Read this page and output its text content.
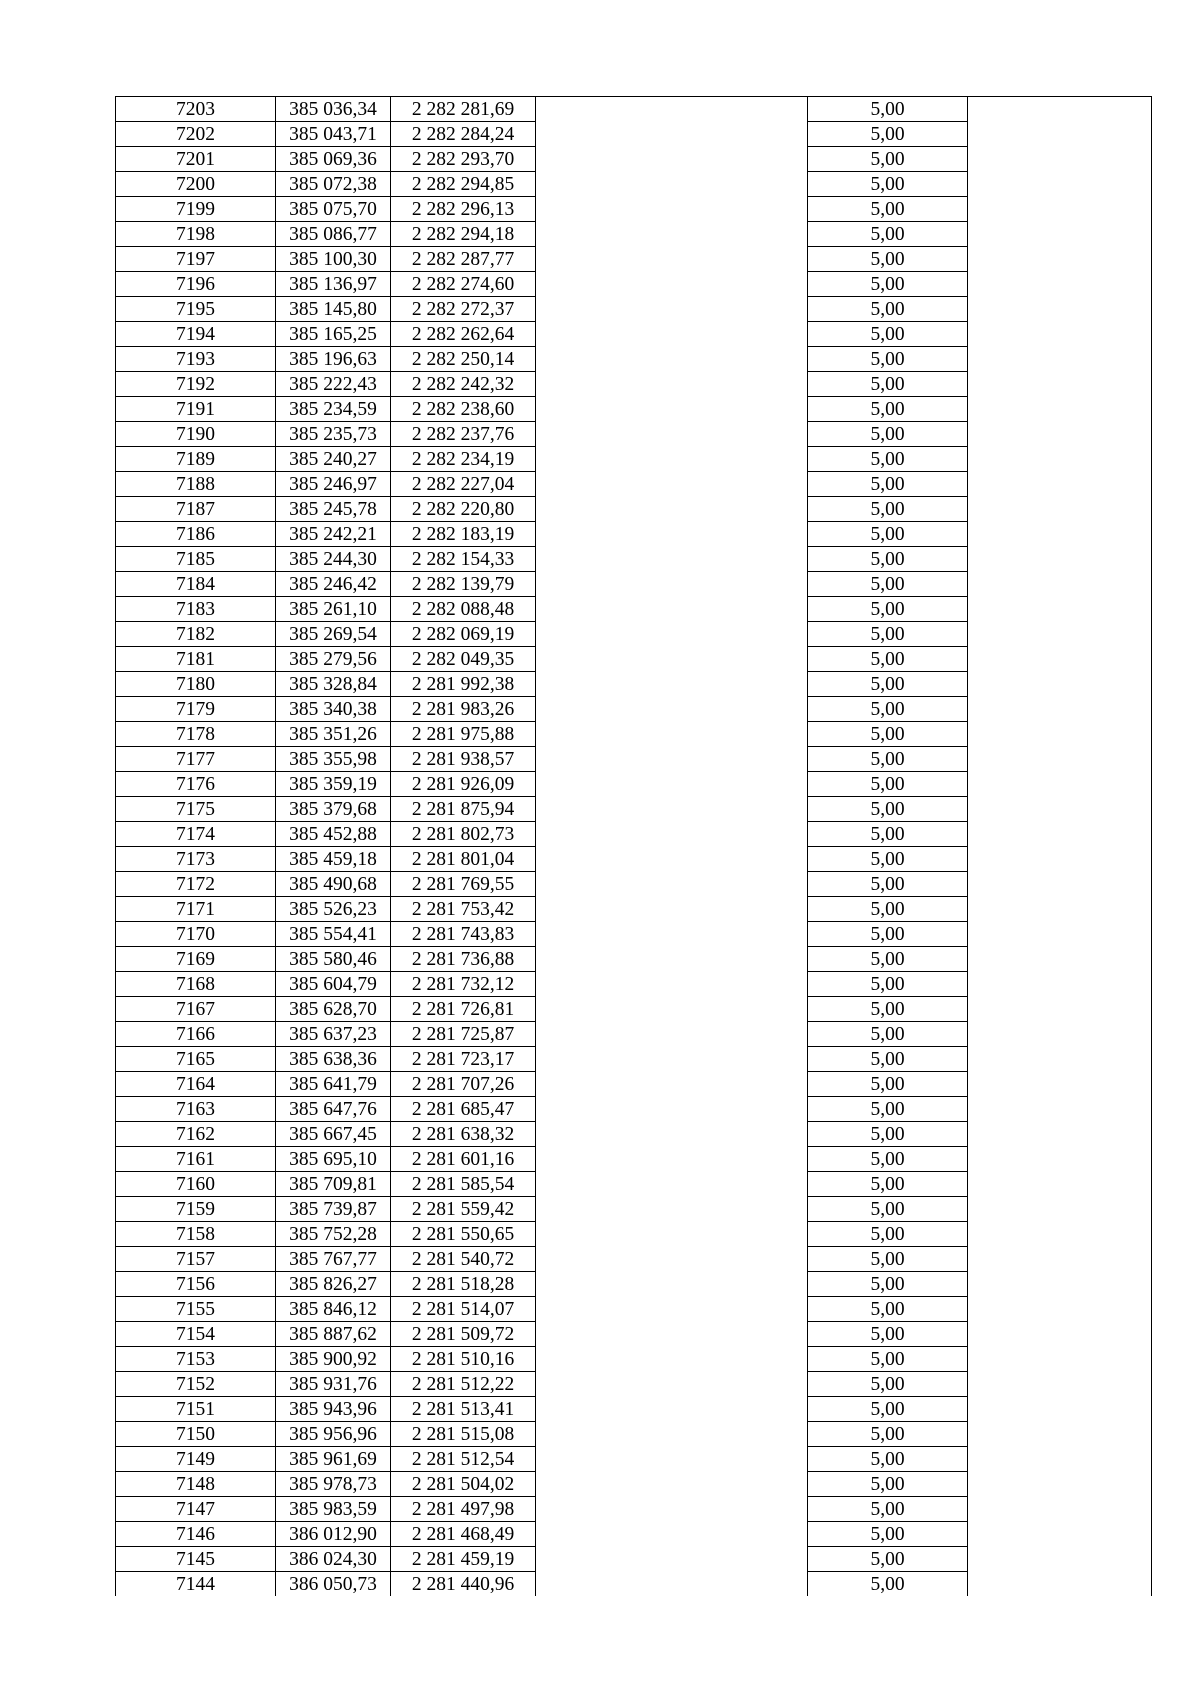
7203	385 036,34	2 282 281,69		5,00	
7202	385 043,71	2 282 284,24		5,00	
7201	385 069,36	2 282 293,70		5,00	
7200	385 072,38	2 282 294,85		5,00	
7199	385 075,70	2 282 296,13		5,00	
7198	385 086,77	2 282 294,18		5,00	
7197	385 100,30	2 282 287,77		5,00	
7196	385 136,97	2 282 274,60		5,00	
7195	385 145,80	2 282 272,37		5,00	
7194	385 165,25	2 282 262,64		5,00	
7193	385 196,63	2 282 250,14		5,00	
7192	385 222,43	2 282 242,32		5,00	
7191	385 234,59	2 282 238,60		5,00	
7190	385 235,73	2 282 237,76		5,00	
7189	385 240,27	2 282 234,19		5,00	
7188	385 246,97	2 282 227,04		5,00	
7187	385 245,78	2 282 220,80		5,00	
7186	385 242,21	2 282 183,19		5,00	
7185	385 244,30	2 282 154,33		5,00	
7184	385 246,42	2 282 139,79		5,00	
7183	385 261,10	2 282 088,48		5,00	
7182	385 269,54	2 282 069,19		5,00	
7181	385 279,56	2 282 049,35		5,00	
7180	385 328,84	2 281 992,38		5,00	
7179	385 340,38	2 281 983,26		5,00	
7178	385 351,26	2 281 975,88		5,00	
7177	385 355,98	2 281 938,57		5,00	
7176	385 359,19	2 281 926,09		5,00	
7175	385 379,68	2 281 875,94		5,00	
7174	385 452,88	2 281 802,73		5,00	
7173	385 459,18	2 281 801,04		5,00	
7172	385 490,68	2 281 769,55		5,00	
7171	385 526,23	2 281 753,42		5,00	
7170	385 554,41	2 281 743,83		5,00	
7169	385 580,46	2 281 736,88		5,00	
7168	385 604,79	2 281 732,12		5,00	
7167	385 628,70	2 281 726,81		5,00	
7166	385 637,23	2 281 725,87		5,00	
7165	385 638,36	2 281 723,17		5,00	
7164	385 641,79	2 281 707,26		5,00	
7163	385 647,76	2 281 685,47		5,00	
7162	385 667,45	2 281 638,32		5,00	
7161	385 695,10	2 281 601,16		5,00	
7160	385 709,81	2 281 585,54		5,00	
7159	385 739,87	2 281 559,42		5,00	
7158	385 752,28	2 281 550,65		5,00	
7157	385 767,77	2 281 540,72		5,00	
7156	385 826,27	2 281 518,28		5,00	
7155	385 846,12	2 281 514,07		5,00	
7154	385 887,62	2 281 509,72		5,00	
7153	385 900,92	2 281 510,16		5,00	
7152	385 931,76	2 281 512,22		5,00	
7151	385 943,96	2 281 513,41		5,00	
7150	385 956,96	2 281 515,08		5,00	
7149	385 961,69	2 281 512,54		5,00	
7148	385 978,73	2 281 504,02		5,00	
7147	385 983,59	2 281 497,98		5,00	
7146	386 012,90	2 281 468,49		5,00	
7145	386 024,30	2 281 459,19		5,00	
7144	386 050,73	2 281 440,96		5,00	
